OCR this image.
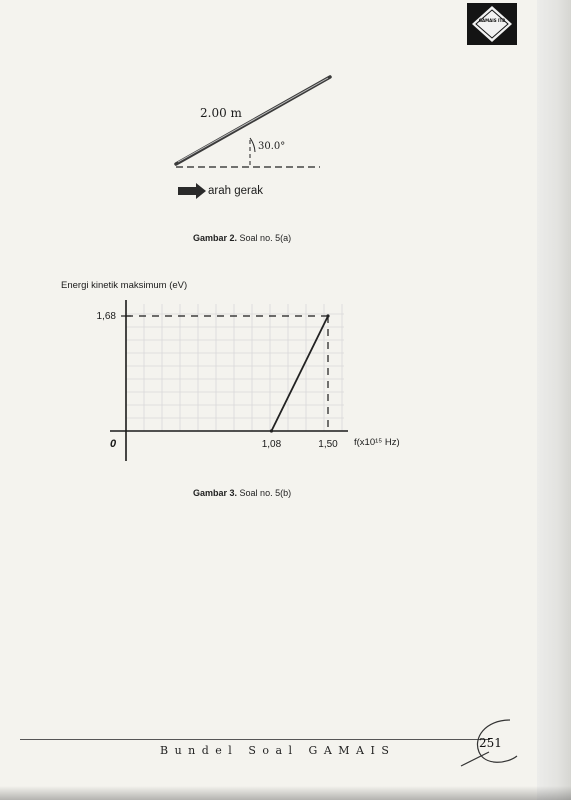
GAMAIS ITB
2.00 m
30.0°
arah gerak
Gambar 2. Soal no. 5(a)
Energi kinetik maksimum (eV)
1,68
0	1,08	1,50 f(x10¹⁵ Hz)
Gambar 3. Soal no. 5(b)
Bundel Soal GAMAIS
251
